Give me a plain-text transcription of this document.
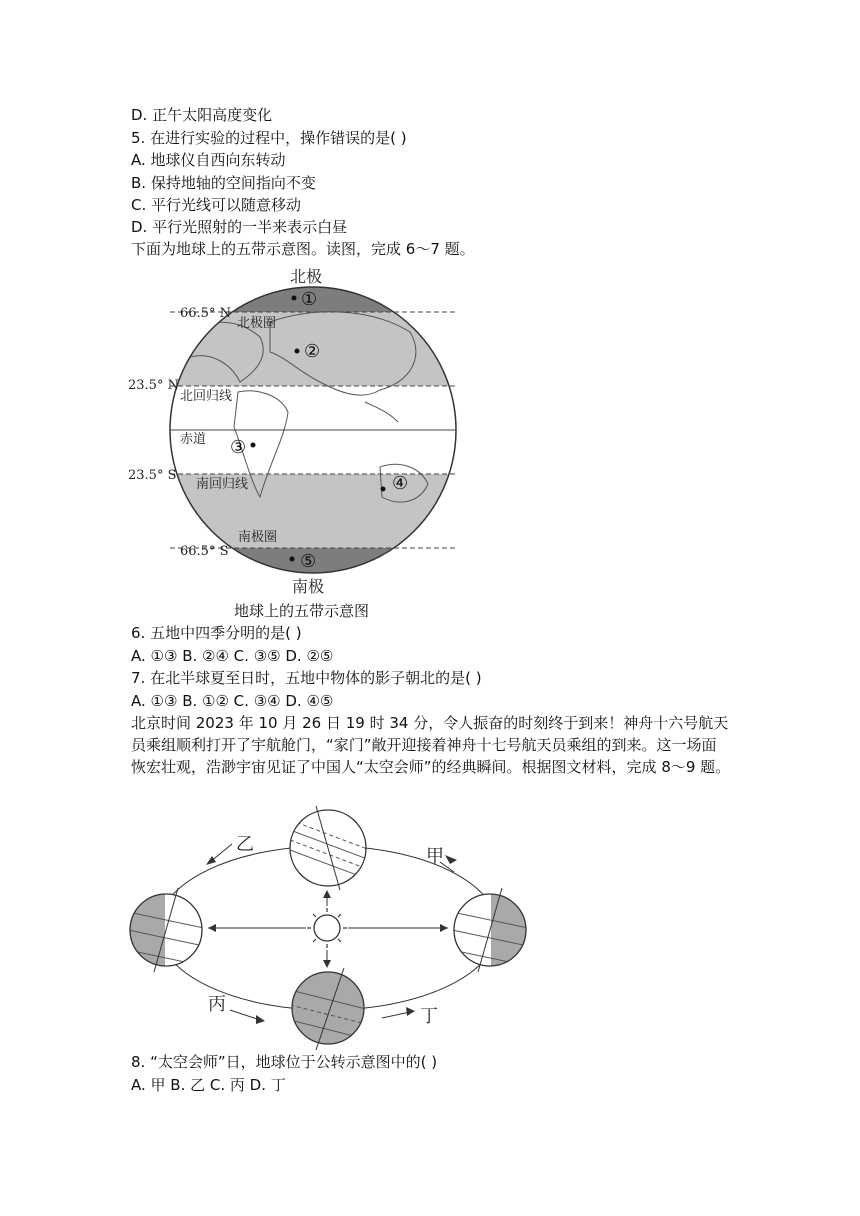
D. 正午太阳高度变化
5. 在进行实验的过程中，操作错误的是( )
A. 地球仪自西向东转动
B. 保持地轴的空间指向不变
C. 平行光线可以随意移动
D. 平行光照射的一半来表示白昼
下面为地球上的五带示意图。读图，完成 6～7 题。
北极
南极
66.5° N
23.5° N
23.5° S
66.5° S
北极圈
北回归线
赤道
南回归线
南极圈
①
②
③
④
⑤
地球上的五带示意图
6. 五地中四季分明的是( )
A. ①③ B. ②④ C. ③⑤ D. ②⑤
7. 在北半球夏至日时，五地中物体的影子朝北的是( )
A. ①③ B. ①② C. ③④ D. ④⑤
北京时间 2023 年 10 月 26 日 19 时 34 分，令人振奋的时刻终于到来！神舟十六号航天员乘组顺利打开了宇航舱门，“家门”敞开迎接着神舟十七号航天员乘组的到来。这一场面恢宏壮观，浩渺宇宙见证了中国人“太空会师”的经典瞬间。根据图文材料，完成 8～9 题。
乙
甲
丙
丁
8. “太空会师”日，地球位于公转示意图中的( )
A. 甲 B. 乙 C. 丙 D. 丁
